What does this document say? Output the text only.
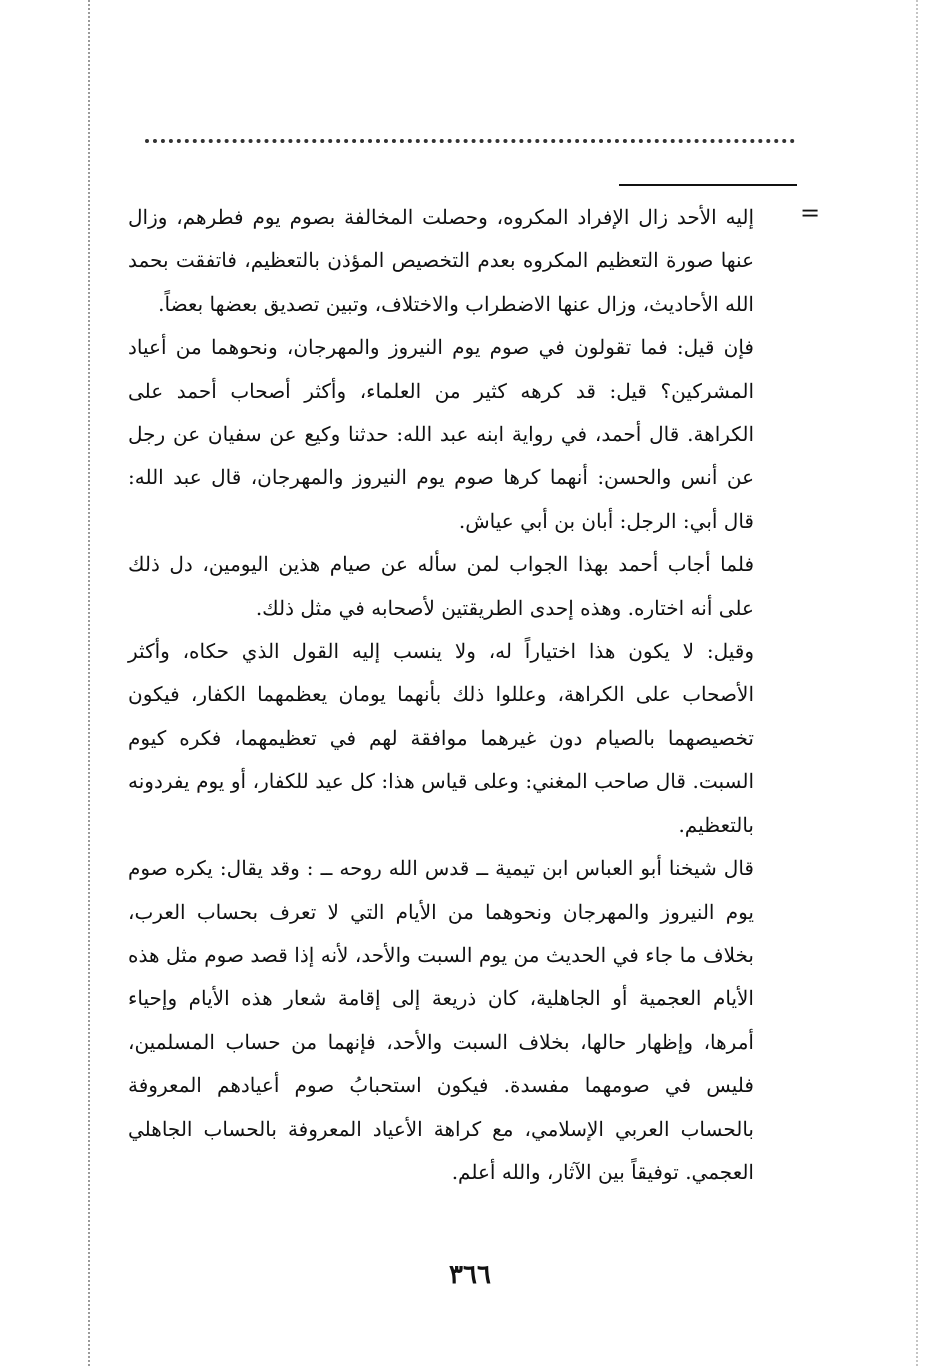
=

إليه الأحد زال الإفراد المكروه، وحصلت المخالفة بصوم يوم فطرهم، وزال عنها صورة التعظيم المكروه بعدم التخصيص المؤذن بالتعظيم، فاتفقت بحمد الله الأحاديث، وزال عنها الاضطراب والاختلاف، وتبين تصديق بعضها بعضاً.

فإن قيل: فما تقولون في صوم يوم النيروز والمهرجان، ونحوهما من أعياد المشركين؟ قيل: قد كرهه كثير من العلماء، وأكثر أصحاب أحمد على الكراهة. قال أحمد، في رواية ابنه عبد الله: حدثنا وكيع عن سفيان عن رجل عن أنس والحسن: أنهما كرها صوم يوم النيروز والمهرجان، قال عبد الله: قال أبي: الرجل: أبان بن أبي عياش.

فلما أجاب أحمد بهذا الجواب لمن سأله عن صيام هذين اليومين، دل ذلك على أنه اختاره. وهذه إحدى الطريقتين لأصحابه في مثل ذلك.

وقيل: لا يكون هذا اختياراً له، ولا ينسب إليه القول الذي حكاه، وأكثر الأصحاب على الكراهة، وعللوا ذلك بأنهما يومان يعظمهما الكفار، فيكون تخصيصهما بالصيام دون غيرهما موافقة لهم في تعظيمهما، فكره كيوم السبت. قال صاحب المغني: وعلى قياس هذا: كل عيد للكفار، أو يوم يفردونه بالتعظيم.

قال شيخنا أبو العباس ابن تيمية ــ قدس الله روحه ــ : وقد يقال: يكره صوم يوم النيروز والمهرجان ونحوهما من الأيام التي لا تعرف بحساب العرب، بخلاف ما جاء في الحديث من يوم السبت والأحد، لأنه إذا قصد صوم مثل هذه الأيام العجمية أو الجاهلية، كان ذريعة إلى إقامة شعار هذه الأيام وإحياء أمرها، وإظهار حالها، بخلاف السبت والأحد، فإنهما من حساب المسلمين، فليس في صومهما مفسدة. فيكون استحبابُ صوم أعيادهم المعروفة بالحساب العربي الإسلامي، مع كراهة الأعياد المعروفة بالحساب الجاهلي العجمي. توفيقاً بين الآثار، والله أعلم.

٣٦٦
